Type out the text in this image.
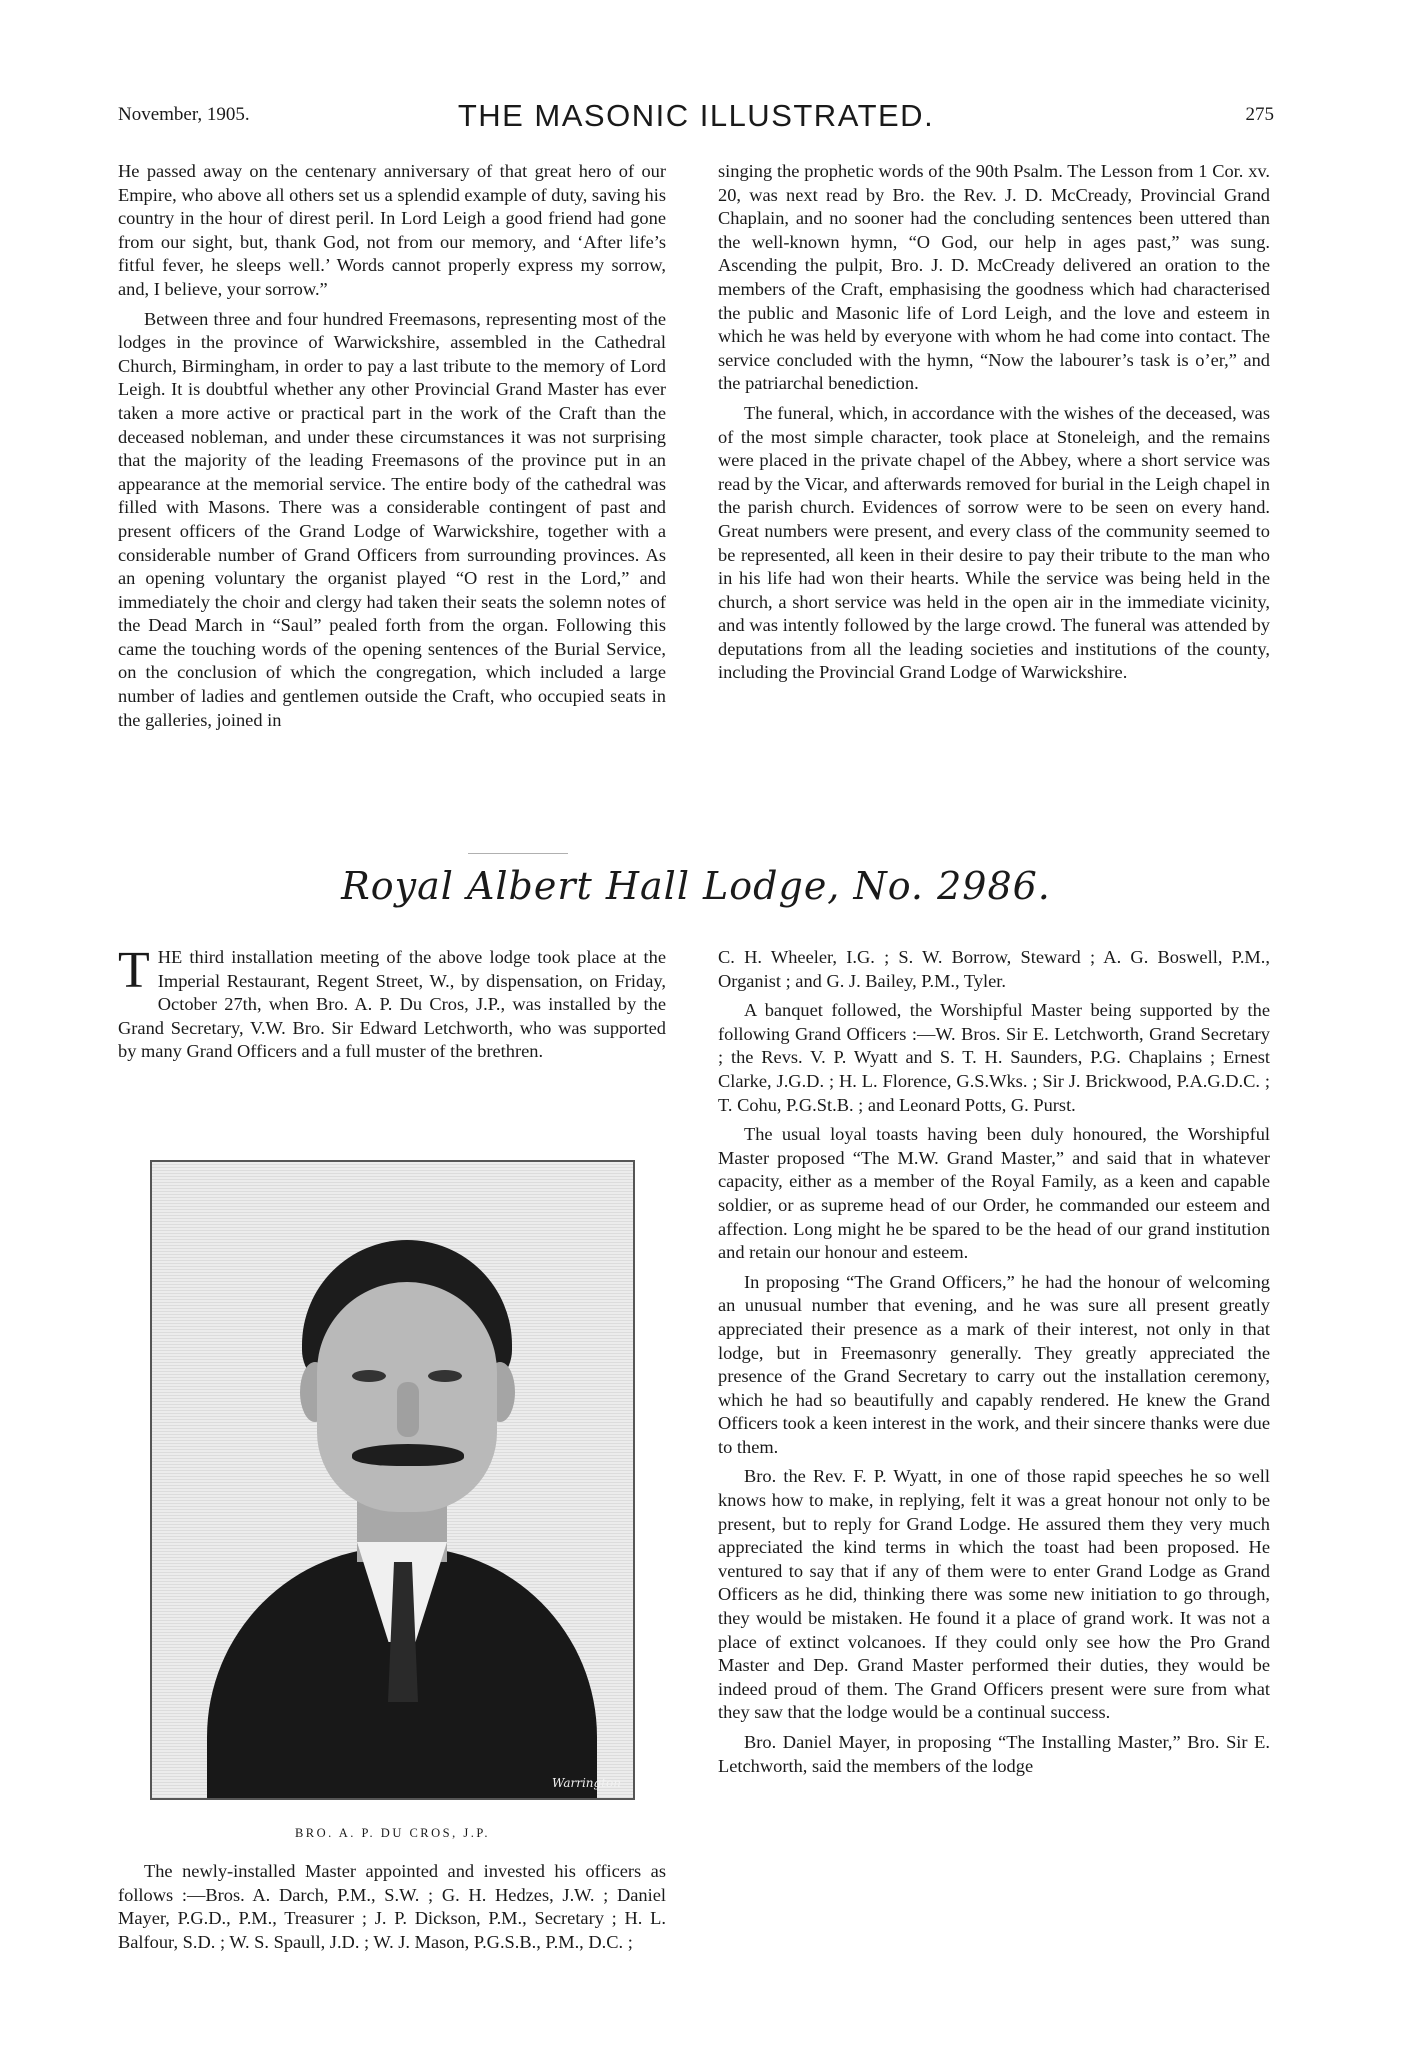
November, 1905.	THE MASONIC ILLUSTRATED.	275

He passed away on the centenary anniversary of that great hero of our Empire, who above all others set us a splendid example of duty, saving his country in the hour of direst peril. In Lord Leigh a good friend had gone from our sight, but, thank God, not from our memory, and ‘After life’s fitful fever, he sleeps well.’ Words cannot properly express my sorrow, and, I believe, your sorrow.”

Between three and four hundred Freemasons, representing most of the lodges in the province of Warwickshire, assembled in the Cathedral Church, Birmingham, in order to pay a last tribute to the memory of Lord Leigh. It is doubtful whether any other Provincial Grand Master has ever taken a more active or practical part in the work of the Craft than the deceased nobleman, and under these circumstances it was not surprising that the majority of the leading Freemasons of the province put in an appearance at the memorial service. The entire body of the cathedral was filled with Masons. There was a considerable contingent of past and present officers of the Grand Lodge of Warwickshire, together with a considerable number of Grand Officers from surrounding provinces. As an opening voluntary the organist played “O rest in the Lord,” and immediately the choir and clergy had taken their seats the solemn notes of the Dead March in “Saul” pealed forth from the organ. Following this came the touching words of the opening sentences of the Burial Service, on the conclusion of which the congregation, which included a large number of ladies and gentlemen outside the Craft, who occupied seats in the galleries, joined in

singing the prophetic words of the 90th Psalm. The Lesson from 1 Cor. xv. 20, was next read by Bro. the Rev. J. D. McCready, Provincial Grand Chaplain, and no sooner had the concluding sentences been uttered than the well-known hymn, “O God, our help in ages past,” was sung. Ascending the pulpit, Bro. J. D. McCready delivered an oration to the members of the Craft, emphasising the goodness which had characterised the public and Masonic life of Lord Leigh, and the love and esteem in which he was held by everyone with whom he had come into contact. The service concluded with the hymn, “Now the labourer’s task is o’er,” and the patriarchal benediction.

The funeral, which, in accordance with the wishes of the deceased, was of the most simple character, took place at Stoneleigh, and the remains were placed in the private chapel of the Abbey, where a short service was read by the Vicar, and afterwards removed for burial in the Leigh chapel in the parish church. Evidences of sorrow were to be seen on every hand. Great numbers were present, and every class of the community seemed to be represented, all keen in their desire to pay their tribute to the man who in his life had won their hearts. While the service was being held in the church, a short service was held in the open air in the immediate vicinity, and was intently followed by the large crowd. The funeral was attended by deputations from all the leading societies and institutions of the county, including the Provincial Grand Lodge of Warwickshire.

Royal Albert Hall Lodge, No. 2986.

THE third installation meeting of the above lodge took place at the Imperial Restaurant, Regent Street, W., by dispensation, on Friday, October 27th, when Bro. A. P. Du Cros, J.P., was installed by the Grand Secretary, V.W. Bro. Sir Edward Letchworth, who was supported by many Grand Officers and a full muster of the brethren.

Warrington
BRO. A. P. DU CROS, J.P.

The newly-installed Master appointed and invested his officers as follows :—Bros. A. Darch, P.M., S.W. ; G. H. Hedzes, J.W. ; Daniel Mayer, P.G.D., P.M., Treasurer ; J. P. Dickson, P.M., Secretary ; H. L. Balfour, S.D. ; W. S. Spaull, J.D. ; W. J. Mason, P.G.S.B., P.M., D.C. ;

C. H. Wheeler, I.G. ; S. W. Borrow, Steward ; A. G. Boswell, P.M., Organist ; and G. J. Bailey, P.M., Tyler.

A banquet followed, the Worshipful Master being supported by the following Grand Officers :—W. Bros. Sir E. Letchworth, Grand Secretary ; the Revs. V. P. Wyatt and S. T. H. Saunders, P.G. Chaplains ; Ernest Clarke, J.G.D. ; H. L. Florence, G.S.Wks. ; Sir J. Brickwood, P.A.G.D.C. ; T. Cohu, P.G.St.B. ; and Leonard Potts, G. Purst.

The usual loyal toasts having been duly honoured, the Worshipful Master proposed “The M.W. Grand Master,” and said that in whatever capacity, either as a member of the Royal Family, as a keen and capable soldier, or as supreme head of our Order, he commanded our esteem and affection. Long might he be spared to be the head of our grand institution and retain our honour and esteem.

In proposing “The Grand Officers,” he had the honour of welcoming an unusual number that evening, and he was sure all present greatly appreciated their presence as a mark of their interest, not only in that lodge, but in Freemasonry generally. They greatly appreciated the presence of the Grand Secretary to carry out the installation ceremony, which he had so beautifully and capably rendered. He knew the Grand Officers took a keen interest in the work, and their sincere thanks were due to them.

Bro. the Rev. F. P. Wyatt, in one of those rapid speeches he so well knows how to make, in replying, felt it was a great honour not only to be present, but to reply for Grand Lodge. He assured them they very much appreciated the kind terms in which the toast had been proposed. He ventured to say that if any of them were to enter Grand Lodge as Grand Officers as he did, thinking there was some new initiation to go through, they would be mistaken. He found it a place of grand work. It was not a place of extinct volcanoes. If they could only see how the Pro Grand Master and Dep. Grand Master performed their duties, they would be indeed proud of them. The Grand Officers present were sure from what they saw that the lodge would be a continual success.

Bro. Daniel Mayer, in proposing “The Installing Master,” Bro. Sir E. Letchworth, said the members of the lodge
